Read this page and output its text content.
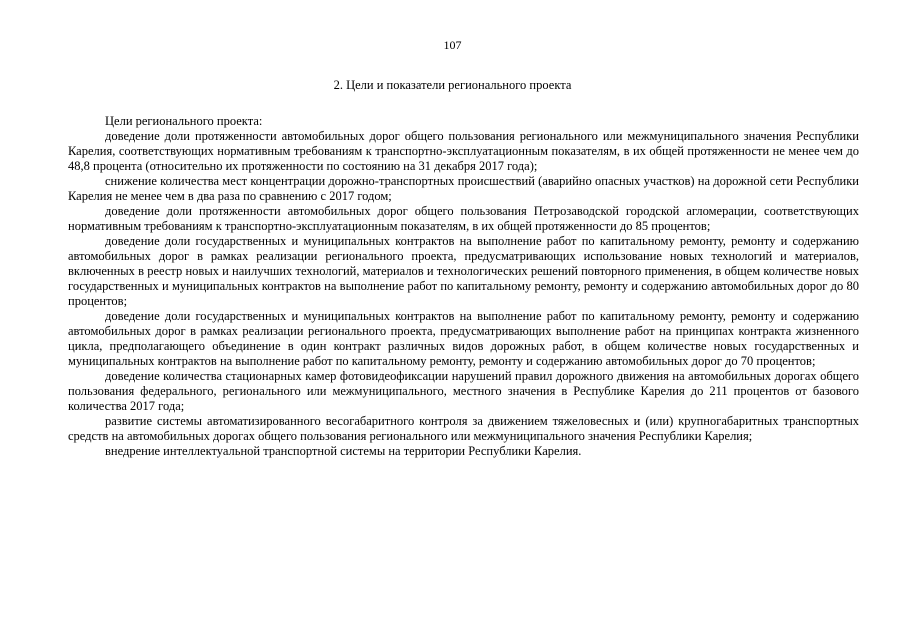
107
2. Цели и показатели регионального проекта

Цели регионального проекта:

доведение доли протяженности автомобильных дорог общего пользования регионального или межмуниципального значения Республики Карелия, соответствующих нормативным требованиям к транспортно-эксплуатационным показателям, в их общей протяженности не менее чем до 48,8 процента (относительно их протяженности по состоянию на 31 декабря 2017 года);

снижение количества мест концентрации дорожно-транспортных происшествий (аварийно опасных участков) на дорожной сети Республики Карелия не менее чем в два раза по сравнению с 2017 годом;

доведение доли протяженности автомобильных дорог общего пользования Петрозаводской городской агломерации, соответствующих нормативным требованиям к транспортно-эксплуатационным показателям, в их общей протяженности до 85 процентов;

доведение доли государственных и муниципальных контрактов на выполнение работ по капитальному ремонту, ремонту и содержанию автомобильных дорог в рамках реализации регионального проекта, предусматривающих использование новых технологий и материалов, включенных в реестр новых и наилучших технологий, материалов и технологических решений повторного применения, в общем количестве новых государственных и муниципальных контрактов на выполнение работ по капитальному ремонту, ремонту и содержанию автомобильных дорог до 80 процентов;

доведение доли государственных и муниципальных контрактов на выполнение работ по капитальному ремонту, ремонту и содержанию автомобильных дорог в рамках реализации регионального проекта, предусматривающих выполнение работ на принципах контракта жизненного цикла, предполагающего объединение в один контракт различных видов дорожных работ, в общем количестве новых государственных и муниципальных контрактов на выполнение работ по капитальному ремонту, ремонту и содержанию автомобильных дорог до 70 процентов;

доведение количества стационарных камер фотовидеофиксации нарушений правил дорожного движения на автомобильных дорогах общего пользования федерального, регионального или межмуниципального, местного значения в Республике Карелия до 211 процентов от базового количества 2017 года;

развитие системы автоматизированного весогабаритного контроля за движением тяжеловесных и (или) крупногабаритных транспортных средств на автомобильных дорогах общего пользования регионального или межмуниципального значения Республики Карелия;

внедрение интеллектуальной транспортной системы на территории Республики Карелия.
